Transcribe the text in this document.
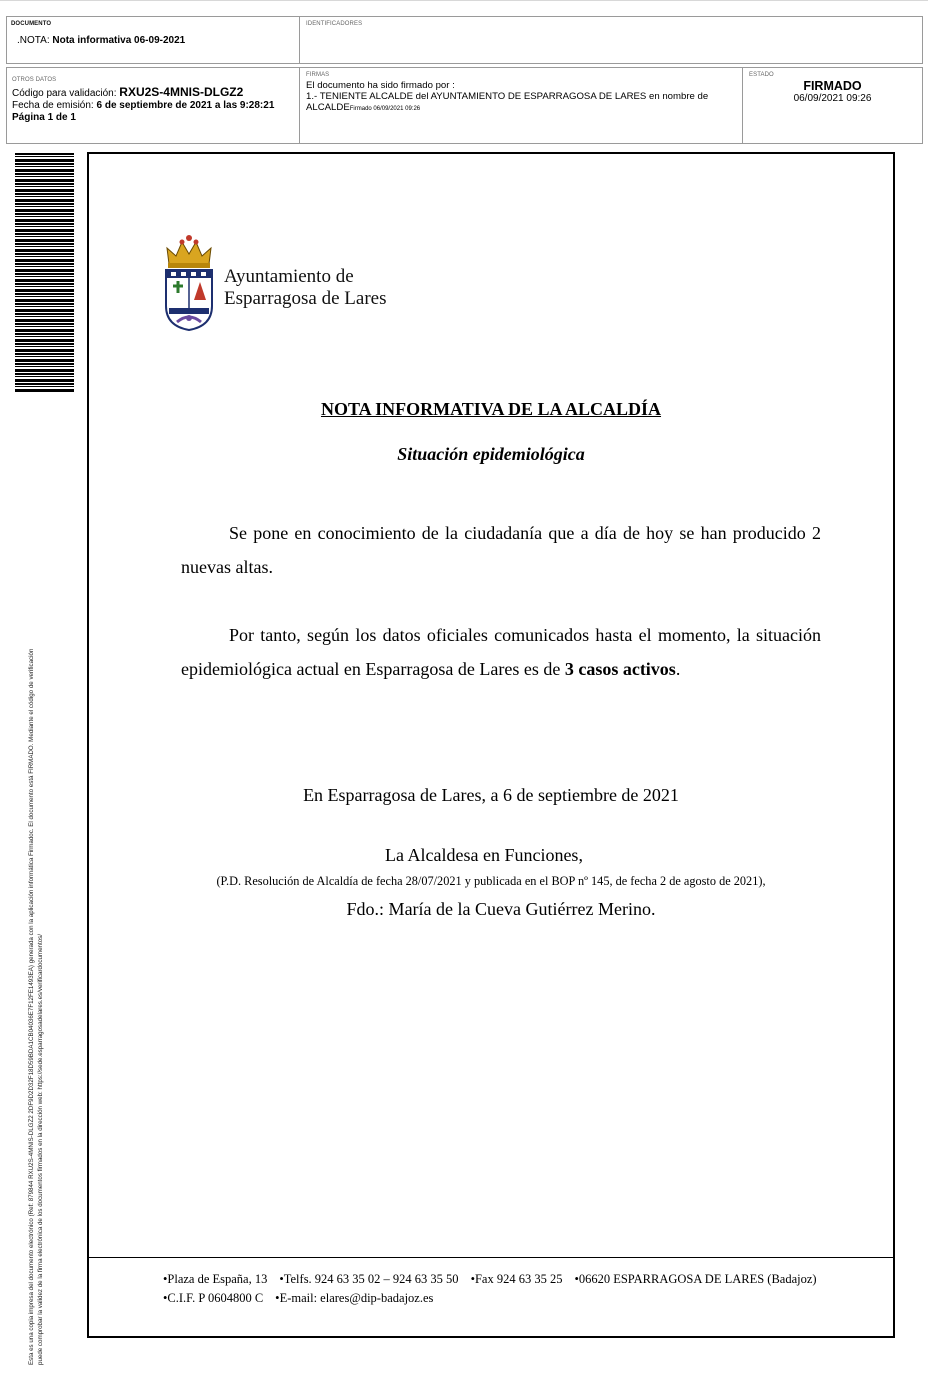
DOCUMENTO
.NOTA: Nota informativa 06-09-2021
IDENTIFICADORES
OTROS DATOS
Código para validación: RXU2S-4MNIS-DLGZ2
Fecha de emisión: 6 de septiembre de 2021 a las 9:28:21
Página 1 de 1
FIRMAS
El documento ha sido firmado por :
1.- TENIENTE ALCALDE del AYUNTAMIENTO DE ESPARRAGOSA DE LARES en nombre de
ALCALDEFirmado 06/09/2021 09:26
ESTADO
FIRMADO
06/09/2021 09:26
Esta es una copia impresa del documento electrónico (Ref: 879844 RXU2S-4MNIS-DLGZ2 2DF9D2D32F18D59BDA1CB04036E7F12FE1493EA) generada con la aplicación informática Firmadoc. El documento está FIRMADO. Mediante el código de verificación puede comprobar la validez de la firma electrónica de los documentos firmados en la dirección web: https://sede.esparragosadelares.es/verificardocumentos/
Ayuntamiento de
Esparragosa de Lares
NOTA INFORMATIVA DE LA ALCALDÍA
Situación epidemiológica
Se pone en conocimiento de la ciudadanía que a día de hoy se han producido 2 nuevas altas.
Por tanto, según los datos oficiales comunicados hasta el momento, la situación epidemiológica actual en Esparragosa de Lares es de 3 casos activos.
En Esparragosa de Lares, a 6 de septiembre de 2021
La Alcaldesa en Funciones,
(P.D. Resolución de Alcaldía de fecha 28/07/2021 y publicada en el BOP nº 145, de fecha 2 de agosto de 2021),
Fdo.: María de la Cueva Gutiérrez Merino.
•Plaza de España, 13 •Telfs. 924 63 35 02 – 924 63 35 50 •Fax 924 63 35 25 •06620 ESPARRAGOSA DE LARES (Badajoz)
•C.I.F. P 0604800 C •E-mail: elares@dip-badajoz.es
